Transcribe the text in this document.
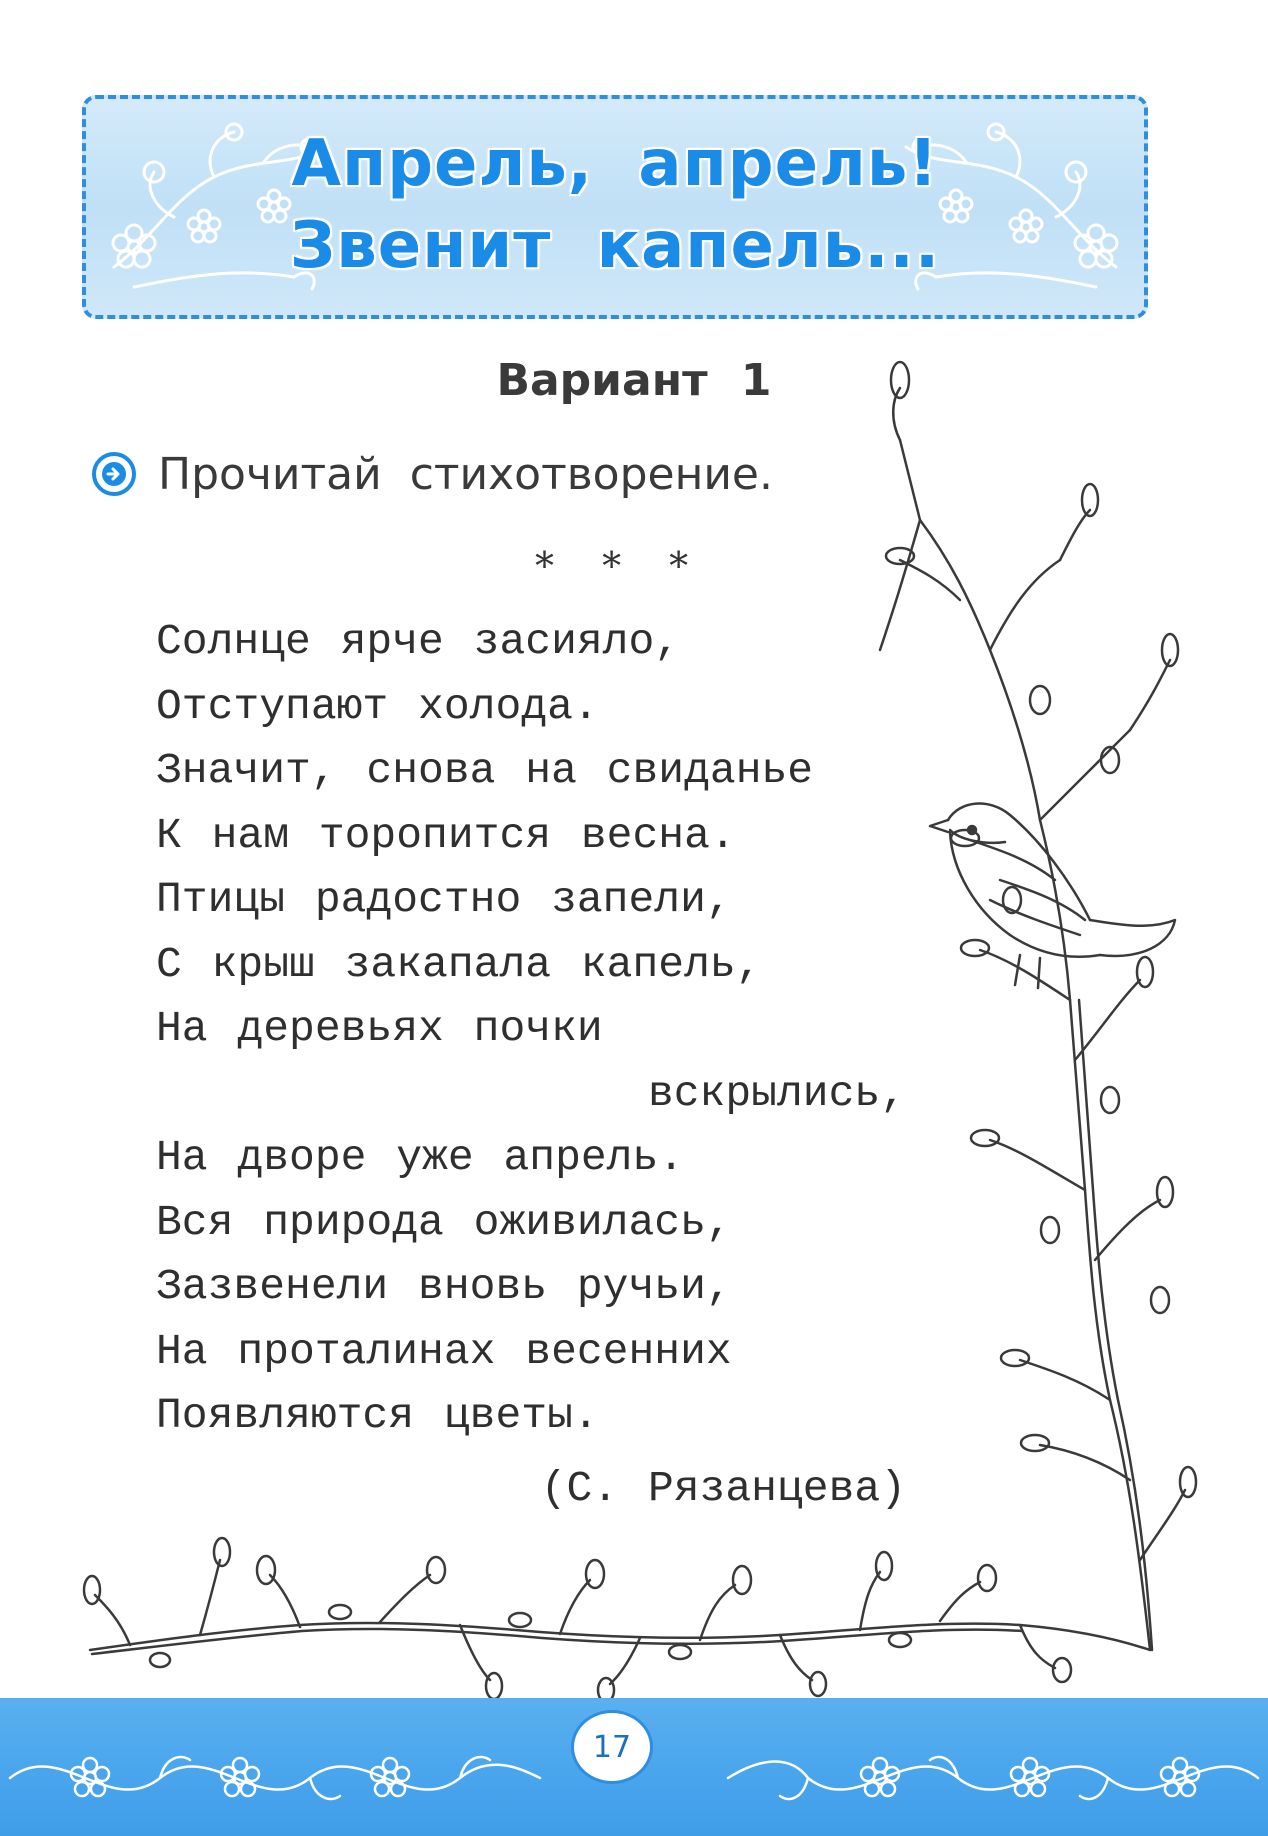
Апрель, апрель!
Звенит капель...
Вариант 1
Прочитай стихотворение.
* * *
Солнце ярче засияло,
Отступают холода.
Значит, снова на свиданье
К нам торопится весна.
Птицы радостно запели,
С крыш закапала капель,
На деревьях почки
вскрылись,
На дворе уже апрель.
Вся природа оживилась,
Зазвенели вновь ручьи,
На проталинах весенних
Появляются цветы.
(С. Рязанцева)
17
